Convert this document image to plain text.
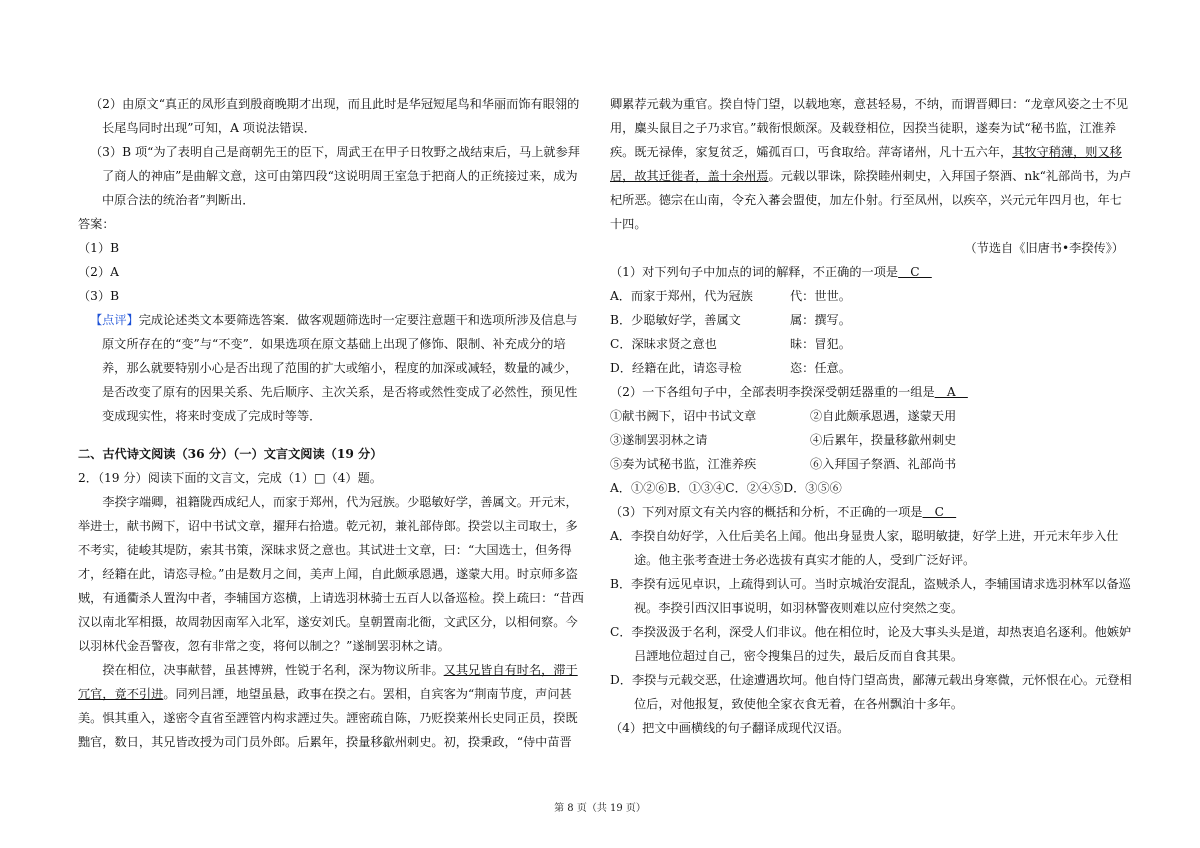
（2）由原文“真正的凤形直到殷商晚期才出现，而且此时是华冠短尾鸟和华丽而饰有眼翎的长尾鸟同时出现”可知，A 项说法错误．

（3）B 项“为了表明自己是商朝先王的臣下，周武王在甲子日牧野之战结束后，马上就参拜了商人的神庙”是曲解文意，这可由第四段“这说明周王室急于把商人的正统接过来，成为中原合法的统治者”判断出．

答案：

（1）B

（2）A

（3）B

【点评】完成论述类文本要筛选答案．做客观题筛选时一定要注意题干和选项所涉及信息与原文所存在的“变”与“不变”．如果选项在原文基础上出现了修饰、限制、补充成分的培养，那么就要特别小心是否出现了范围的扩大或缩小，程度的加深或减轻，数量的减少，是否改变了原有的因果关系、先后顺序、主次关系，是否将或然性变成了必然性，预见性变成现实性，将来时变成了完成时等等．

二、古代诗文阅读（36 分）（一）文言文阅读（19 分）

2．（19 分）阅读下面的文言文，完成（1）□（4）题。

李揆字端卿，祖籍陇西成纪人，而家于郑州，代为冠族。少聪敏好学，善属文。开元末，举进士，献书阙下，诏中书试文章，擢拜右拾遗。乾元初，兼礼部侍郎。揆尝以主司取士，多不考实，徒峻其堤防，索其书策，深昧求贤之意也。其试进士文章，曰：“大国选士，但务得才，经籍在此，请恣寻检。”由是数月之间，美声上闻，自此颇承恩遇，遂蒙大用。时京师多盗贼，有通衢杀人置沟中者，李辅国方恣横，上请选羽林骑士五百人以备巡检。揆上疏曰：“昔西汉以南北军相摄，故周勃因南军入北军，遂安刘氏。皇朝置南北衙，文武区分，以相伺察。今以羽林代金吾警夜，忽有非常之变，将何以制之？”遂制罢羽林之请。

揆在相位，决事献替，虽甚博辨，性锐于名利，深为物议所非。又其兄皆自有时名，滞于冗官，竟不引进。同列吕諲，地望虽悬，政事在揆之右。罢相，自宾客为“荆南节度，声问甚美。惧其重入，遂密令直省至諲管内构求諲过失。諲密疏自陈，乃贬揆莱州长史同正员，揆既黜官，数日，其兄皆改授为司门员外郎。后累年，揆量移歙州刺史。初，揆秉政，“侍中苗晋

卿累荐元载为重官。揆自恃门望，以载地寒，意甚轻易，不纳，而谓晋卿曰：“龙章风姿之士不见用，麋头鼠目之子乃求官。”载衔恨颇深。及载登相位，因揆当徒职，遂奏为试“秘书监，江淮养疾。既无禄俸，家复贫乏，孀孤百口，丐食取给。萍寄诸州，凡十五六年，其牧守稍薄，则又移居，故其迁徙者，盖十余州焉。元载以罪诛，除揆睦州刺史，入拜国子祭酒、nk“礼部尚书，为卢杞所恶。德宗在山南，令充入蕃会盟使，加左仆射。行至凤州，以疾卒，兴元元年四月也，年七十四。

（节选自《旧唐书•李揆传》）

（1）对下列句子中加点的词的解释，不正确的一项是　C　

A．而家于郑州，代为冠族	代：世世。
B．少聪敏好学，善属文	属：撰写。
C．深昧求贤之意也	昧：冒犯。
D．经籍在此，请恣寻检	恣：任意。

（2）一下各组句子中，全部表明李揆深受朝廷器重的一组是　A　

①献书阙下，诏中书试文章	②自此颇承恩遇，遂蒙天用
③遂制罢羽林之请	④后累年，揆量移歙州刺史
⑤奏为试秘书监，江淮养疾	⑥入拜国子祭酒、礼部尚书

A．①②⑥B．①③④C．②④⑤D．③⑤⑥

（3）下列对原文有关内容的概括和分析，不正确的一项是　C　

A．李揆自幼好学，入仕后美名上闻。他出身显贵人家，聪明敏捷，好学上进，开元末年步入仕途。他主张考查进士务必选拔有真实才能的人，受到广泛好评。

B．李揆有远见卓识，上疏得到认可。当时京城治安混乱，盗贼杀人，李辅国请求选羽林军以备巡视。李揆引西汉旧事说明，如羽林警夜则难以应付突然之变。

C．李揆汲汲于名利，深受人们非议。他在相位时，论及大事头头是道，却热衷追名逐利。他嫉妒吕諲地位超过自己，密令搜集吕的过失，最后反而自食其果。

D．李揆与元载交恶，仕途遭遇坎坷。他自恃门望高贵，鄙薄元载出身寒微，元怀恨在心。元登相位后，对他报复，致使他全家衣食无着，在各州飘泊十多年。

（4）把文中画横线的句子翻译成现代汉语。

第 8 页（共 19 页）
